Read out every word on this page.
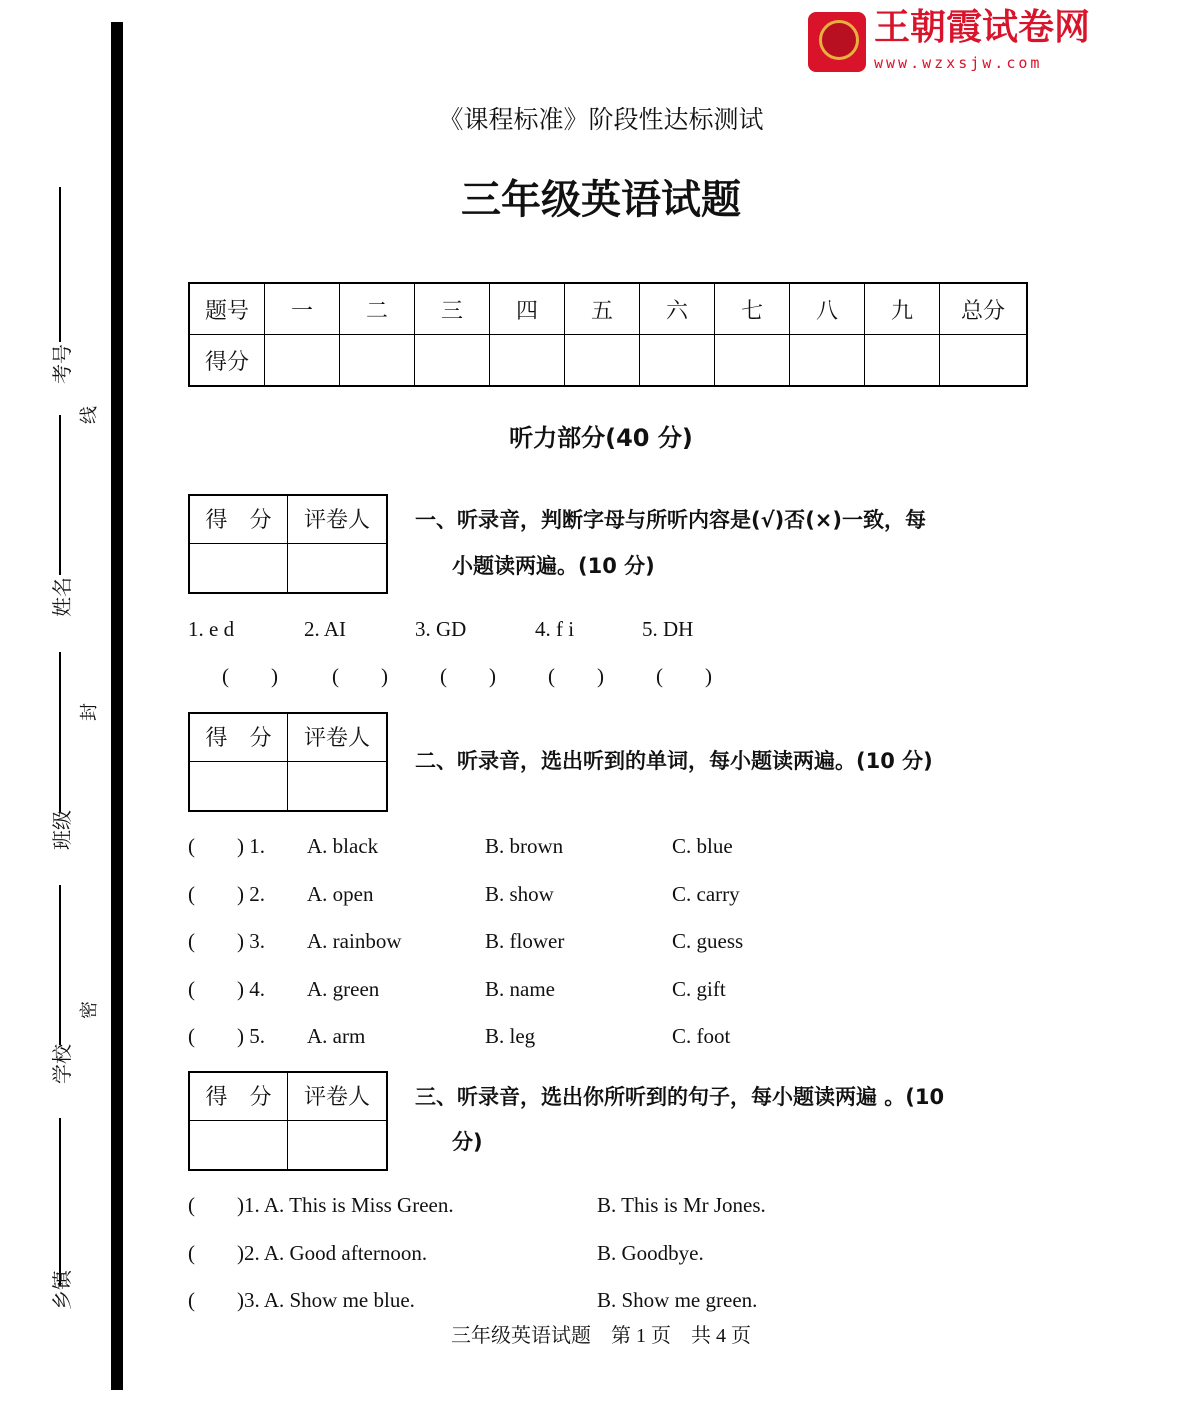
王朝霞试卷网
www.wzxsjw.com
考号
姓名
班级
学校
乡镇
线
封
密
《课程标准》阶段性达标测试
三年级英语试题
题号	一	二	三	四	五	六	七	八	九	总分
得分										
听力部分(40 分)
得　分	评卷人	一、听录音，判断字母与所听内容是(√)否(×)一致，每
小题读两遍。(10 分)
1. e d	2. AI	3. GD	4. f i	5. DH
(　　)	(　　) (　　) (　　) (　　)
得　分	评卷人
二、听录音，选出听到的单词，每小题读两遍。(10 分)
得　分	评卷人	三、听录音，选出你所听到的句子，每小题读两遍 。(10
分)
三年级英语试题　第 1 页　共 4 页
(　　) 1. A. black	B. brown	C. blue
(　　) 2. A. open	B. show	C. carry
(　　) 3. A. rainbow	B. flower	C. guess
(　　) 4. A. green	B. name	C. gift
(　　) 5. A. arm	B. leg	C. foot
(　　)1. A. This is Miss Green.	B. This is Mr Jones.
(　　)2. A. Good afternoon.	B. Goodbye.
(　　)3. A. Show me blue.	B. Show me green.
